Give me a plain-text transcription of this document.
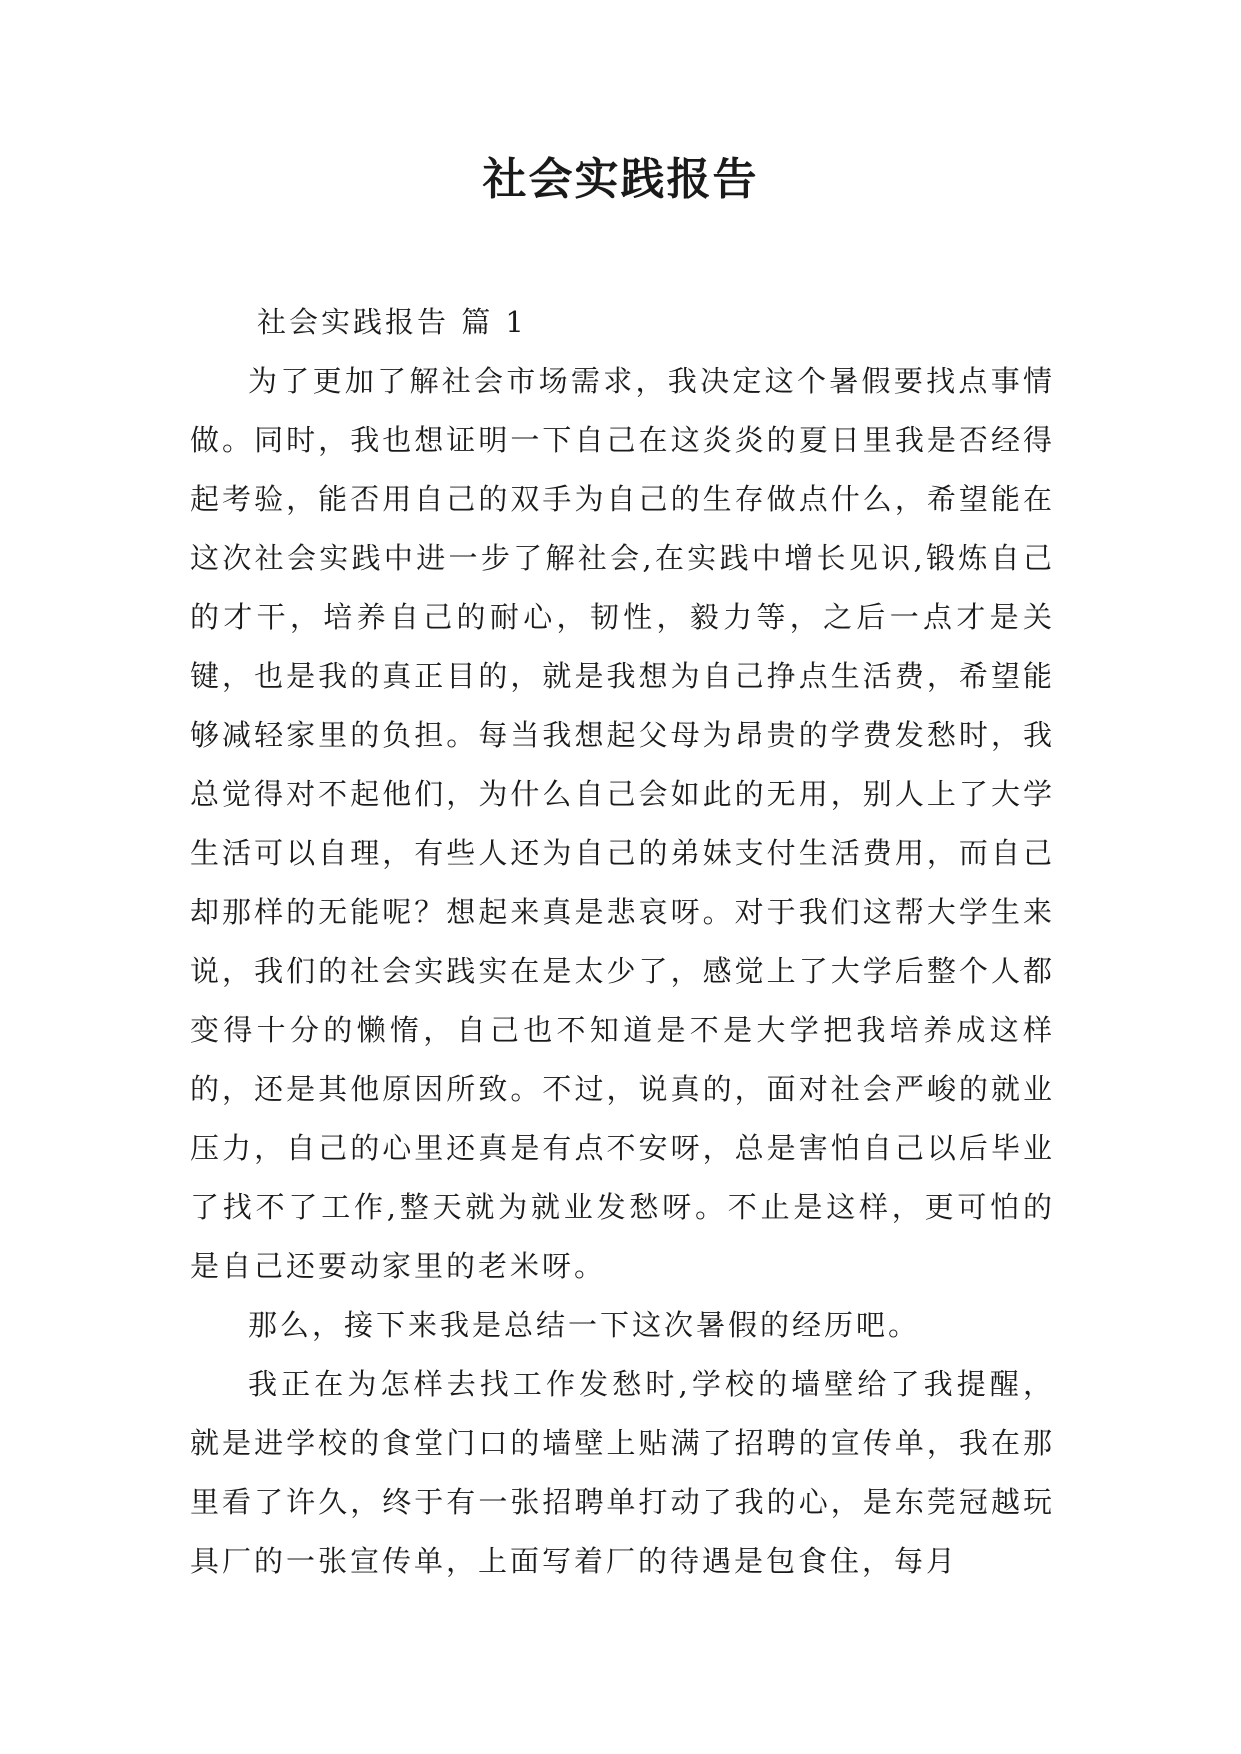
社会实践报告
社会实践报告 篇 1

为了更加了解社会市场需求，我决定这个暑假要找点事情做。同时，我也想证明一下自己在这炎炎的夏日里我是否经得起考验，能否用自己的双手为自己的生存做点什么，希望能在这次社会实践中进一步了解社会,在实践中增长见识,锻炼自己的才干，培养自己的耐心，韧性，毅力等，之后一点才是关键，也是我的真正目的，就是我想为自己挣点生活费，希望能够减轻家里的负担。每当我想起父母为昂贵的学费发愁时，我总觉得对不起他们，为什么自己会如此的无用，别人上了大学生活可以自理，有些人还为自己的弟妹支付生活费用，而自己却那样的无能呢？想起来真是悲哀呀。对于我们这帮大学生来说，我们的社会实践实在是太少了，感觉上了大学后整个人都变得十分的懒惰，自己也不知道是不是大学把我培养成这样的，还是其他原因所致。不过，说真的，面对社会严峻的就业压力，自己的心里还真是有点不安呀，总是害怕自己以后毕业了找不了工作,整天就为就业发愁呀。不止是这样，更可怕的是自己还要动家里的老米呀。

那么，接下来我是总结一下这次暑假的经历吧。

我正在为怎样去找工作发愁时,学校的墙壁给了我提醒，就是进学校的食堂门口的墙壁上贴满了招聘的宣传单，我在那里看了许久，终于有一张招聘单打动了我的心，是东莞冠越玩具厂的一张宣传单，上面写着厂的待遇是包食住，每月
